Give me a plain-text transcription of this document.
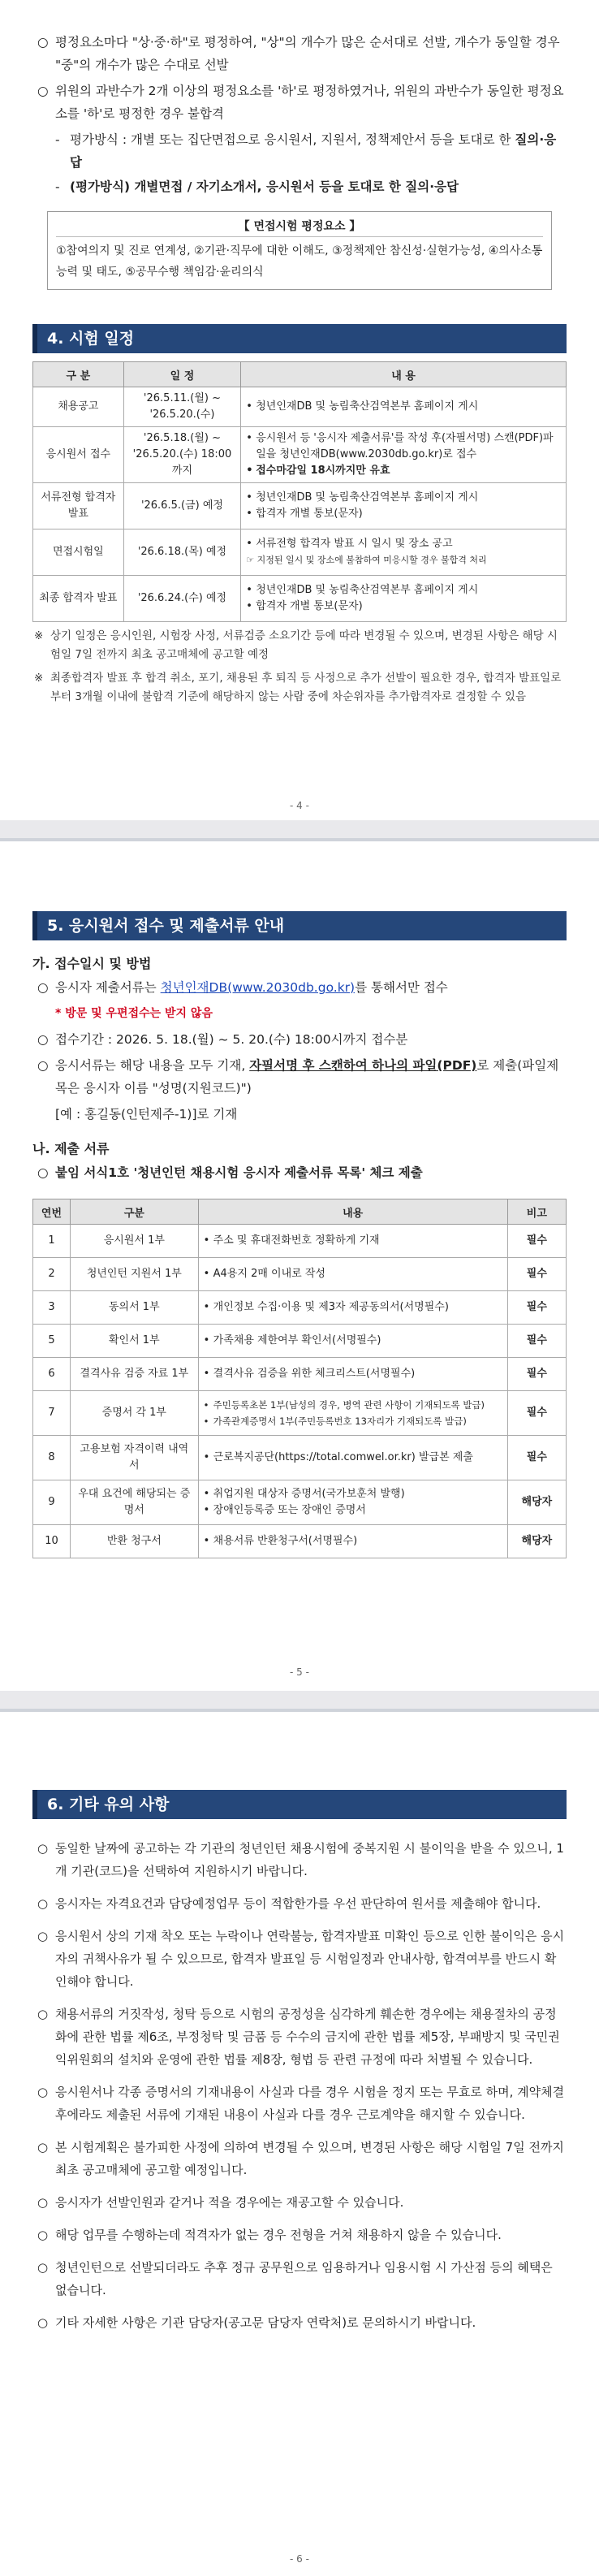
○ 평정요소마다 "상·중·하"로 평정하여, "상"의 개수가 많은 순서대로 선발, 개수가 동일할 경우 "중"의 개수가 많은 수대로 선발
○ 위원의 과반수가 2개 이상의 평정요소를 '하'로 평정하였거나, 위원의 과반수가 동일한 평정요소를 '하'로 평정한 경우 불합격
- 평가방식 : 개별 또는 집단면접으로 응시원서, 지원서, 정책제안서 등을 토대로 한 질의·응답
- (평가방식) 개별면접 / 자기소개서, 응시원서 등을 토대로 한 질의·응답
【 면접시험 평정요소 】
①참여의지 및 진로 연계성, ②기관·직무에 대한 이해도, ③정책제안 참신성·실현가능성, ④의사소통 능력 및 태도, ⑤공무수행 책임감·윤리의식
4. 시험 일정
구 분	일 정	내 용
채용공고	'26.5.11.(월) ~ '26.5.20.(수)	• 청년인재DB 및 농림축산검역본부 홈페이지 게시

응시원서 접수	'26.5.18.(월) ~ '26.5.20.(수) 18:00까지	• 응시원서 등 '응시자 제출서류'를 작성 후(자필서명) 스캔(PDF)파일을 청년인재DB(www.2030db.go.kr)로 접수
• 접수마감일 18시까지만 유효

서류전형 합격자 발표	'26.6.5.(금) 예정	• 청년인재DB 및 농림축산검역본부 홈페이지 게시
• 합격자 개별 통보(문자)

면접시험일	'26.6.18.(목) 예정	• 서류전형 합격자 발표 시 일시 및 장소 공고
☞ 지정된 일시 및 장소에 불참하여 미응시할 경우 불합격 처리

최종 합격자 발표	'26.6.24.(수) 예정	• 청년인재DB 및 농림축산검역본부 홈페이지 게시
• 합격자 개별 통보(문자)
※ 상기 일정은 응시인원, 시험장 사정, 서류검증 소요기간 등에 따라 변경될 수 있으며, 변경된 사항은 해당 시험일 7일 전까지 최초 공고매체에 공고할 예정
※ 최종합격자 발표 후 합격 취소, 포기, 채용된 후 퇴직 등 사정으로 추가 선발이 필요한 경우, 합격자 발표일로부터 3개월 이내에 불합격 기준에 해당하지 않는 사람 중에 차순위자를 추가합격자로 결정할 수 있음
- 4 -
5. 응시원서 접수 및 제출서류 안내
가. 접수일시 및 방법
○ 응시자 제출서류는 청년인재DB(www.2030db.go.kr)를 통해서만 접수
* 방문 및 우편접수는 받지 않음
○ 접수기간 : 2026. 5. 18.(월) ~ 5. 20.(수) 18:00시까지 접수분
○ 응시서류는 해당 내용을 모두 기재, 자필서명 후 스캔하여 하나의 파일(PDF)로 제출(파일제목은 응시자 이름 "성명(지원코드)")
[예 : 홍길동(인턴제주-1)]로 기재
나. 제출 서류
○ 붙임 서식1호 '청년인턴 채용시험 응시자 제출서류 목록' 체크 제출
연번	구분	내용	비고
1	응시원서 1부	• 주소 및 휴대전화번호 정확하게 기재	필수
2	청년인턴 지원서 1부	• A4용지 2매 이내로 작성	필수
3	동의서 1부	• 개인정보 수집·이용 및 제3자 제공동의서(서명필수)	필수
5	확인서 1부	• 가족채용 제한여부 확인서(서명필수)	필수
6	결격사유 검증 자료 1부	• 결격사유 검증을 위한 체크리스트(서명필수)	필수
7	증명서 각 1부	• 주민등록초본 1부(남성의 경우, 병역 관련 사항이 기재되도록 발급)
• 가족관계증명서 1부(주민등록번호 13자리가 기재되도록 발급)	필수
8	고용보험 자격이력 내역서	• 근로복지공단(https://total.comwel.or.kr) 발급본 제출	필수
9	우대 요건에 해당되는 증명서	• 취업지원 대상자 증명서(국가보훈처 발행)
• 장애인등록증 또는 장애인 증명서	해당자
10	반환 청구서	• 채용서류 반환청구서(서명필수)	해당자
- 5 -
6. 기타 유의 사항
○ 동일한 날짜에 공고하는 각 기관의 청년인턴 채용시험에 중복지원 시 불이익을 받을 수 있으니, 1개 기관(코드)을 선택하여 지원하시기 바랍니다.
○ 응시자는 자격요건과 담당예정업무 등이 적합한가를 우선 판단하여 원서를 제출해야 합니다.
○ 응시원서 상의 기재 착오 또는 누락이나 연락불능, 합격자발표 미확인 등으로 인한 불이익은 응시자의 귀책사유가 될 수 있으므로, 합격자 발표일 등 시험일정과 안내사항, 합격여부를 반드시 확인해야 합니다.
○ 채용서류의 거짓작성, 청탁 등으로 시험의 공정성을 심각하게 훼손한 경우에는 채용절차의 공정화에 관한 법률 제6조, 부정청탁 및 금품 등 수수의 금지에 관한 법률 제5장, 부패방지 및 국민권익위원회의 설치와 운영에 관한 법률 제8장, 형법 등 관련 규정에 따라 처벌될 수 있습니다.
○ 응시원서나 각종 증명서의 기재내용이 사실과 다를 경우 시험을 정지 또는 무효로 하며, 계약체결 후에라도 제출된 서류에 기재된 내용이 사실과 다를 경우 근로계약을 해지할 수 있습니다.
○ 본 시험계획은 불가피한 사정에 의하여 변경될 수 있으며, 변경된 사항은 해당 시험일 7일 전까지 최초 공고매체에 공고할 예정입니다.
○ 응시자가 선발인원과 같거나 적을 경우에는 재공고할 수 있습니다.
○ 해당 업무를 수행하는데 적격자가 없는 경우 전형을 거쳐 채용하지 않을 수 있습니다.
○ 청년인턴으로 선발되더라도 추후 정규 공무원으로 임용하거나 임용시험 시 가산점 등의 혜택은 없습니다.
○ 기타 자세한 사항은 기관 담당자(공고문 담당자 연락처)로 문의하시기 바랍니다.
- 6 -
